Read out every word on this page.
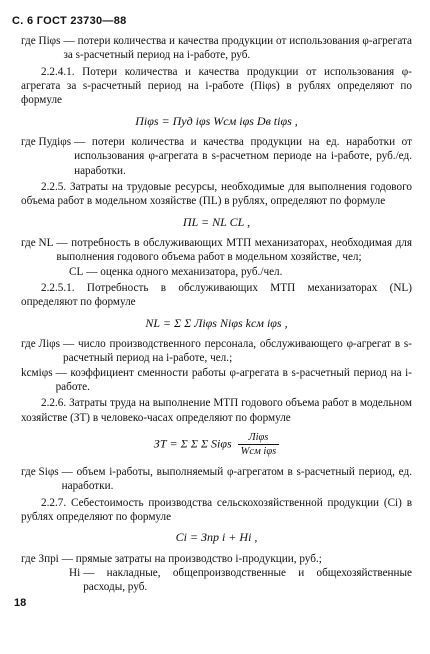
С. 6 ГОСТ 23730—88
где Пiφs — потери количества и качества продукции от использования φ-агрегата за s-расчетный период на i-работе, руб.

2.2.4.1. Потери количества и качества продукции от использования φ-агрегата за s-расчетный период на i-работе (Пiφs) в рублях определяют по формуле

Пiφs = Пуд iφs Wсм iφs Dв tiφs ,
где Пудiφs — потери количества и качества продукции на ед. наработки от использования φ-агрегата в s-расчетном периоде на i-работе, руб./ед. наработки.

2.2.5. Затраты на трудовые ресурсы, необходимые для выполнения годового объема работ в модельном хозяйстве (ПL) в рублях, определяют по формуле

ПL = NL CL ,
где NL — потребность в обслуживающих МТП механизаторах, необходимая для выполнения годового объема работ в модельном хозяйстве, чел;
CL — оценка одного механизатора, руб./чел.

2.2.5.1. Потребность в обслуживающих МТП механизаторах (NL) определяют по формуле

NL = Σ Σ Лiφs Niφs kсм iφs ,
где Лiφs — число производственного персонала, обслуживающего φ-агрегат в s-расчетный период на i-работе, чел.;
kсмiφs — коэффициент сменности работы φ-агрегата в s-расчетный период на i-работе.

2.2.6. Затраты труда на выполнение МТП годового объема работ в модельном хозяйстве (ЗТ) в человеко-часах определяют по формуле

ЗТ = Σ Σ Σ Siφs $\frac{\text{Лiφs}}{\text{Wсм iφs}}$
где Siφs — объем i-работы, выполняемый φ-агрегатом в s-расчетный период, ед. наработки.

2.2.7. Себестоимость производства сельскохозяйственной продукции (Ci) в рублях определяют по формуле

Ci = Зпр i + Hi ,
где Зпрi — прямые затраты на производство i-продукции, руб.;
Hi — накладные, общепроизводственные и общехозяйственные расходы, руб.
18
